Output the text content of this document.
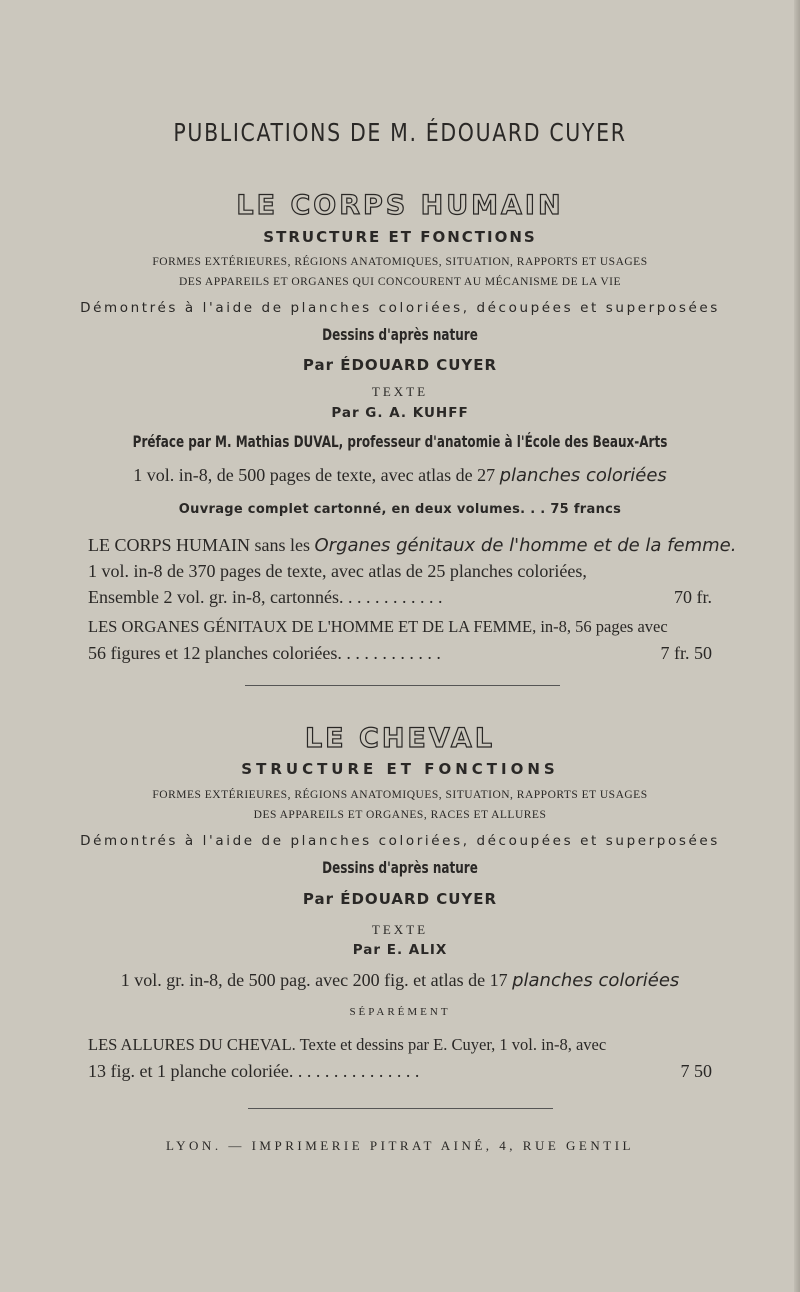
PUBLICATIONS DE M. ÉDOUARD CUYER
LE CORPS HUMAIN
STRUCTURE ET FONCTIONS
FORMES EXTÉRIEURES, RÉGIONS ANATOMIQUES, SITUATION, RAPPORTS ET USAGES
DES APPAREILS ET ORGANES QUI CONCOURENT AU MÉCANISME DE LA VIE
Démontrés à l'aide de planches coloriées, découpées et superposées
Dessins d'après nature
Par ÉDOUARD CUYER
TEXTE
Par G. A. KUHFF
Préface par M. Mathias DUVAL, professeur d'anatomie à l'École des Beaux-Arts
1 vol. in-8, de 500 pages de texte, avec atlas de 27 planches coloriées
Ouvrage complet cartonné, en deux volumes. . . 75 francs
LE CORPS HUMAIN sans les Organes génitaux de l'homme et de la femme.
1 vol. in-8 de 370 pages de texte, avec atlas de 25 planches coloriées,
Ensemble 2 vol. gr. in-8, cartonnés. . . . . . . . . . . .	70 fr.
LES ORGANES GÉNITAUX DE L'HOMME ET DE LA FEMME, in-8, 56 pages avec
56 figures et 12 planches coloriées. . . . . . . . . . . .	7 fr. 50
LE CHEVAL
STRUCTURE ET FONCTIONS
FORMES EXTÉRIEURES, RÉGIONS ANATOMIQUES, SITUATION, RAPPORTS ET USAGES
DES APPAREILS ET ORGANES, RACES ET ALLURES
Démontrés à l'aide de planches coloriées, découpées et superposées
Dessins d'après nature
Par ÉDOUARD CUYER
TEXTE
Par E. ALIX
1 vol. gr. in-8, de 500 pag. avec 200 fig. et atlas de 17 planches coloriées
SÉPARÉMENT
LES ALLURES DU CHEVAL. Texte et dessins par E. Cuyer, 1 vol. in-8, avec
13 fig. et 1 planche coloriée. . . . . . . . . . . . . . .	7 50
LYON. — IMPRIMERIE PITRAT AINÉ, 4, RUE GENTIL
